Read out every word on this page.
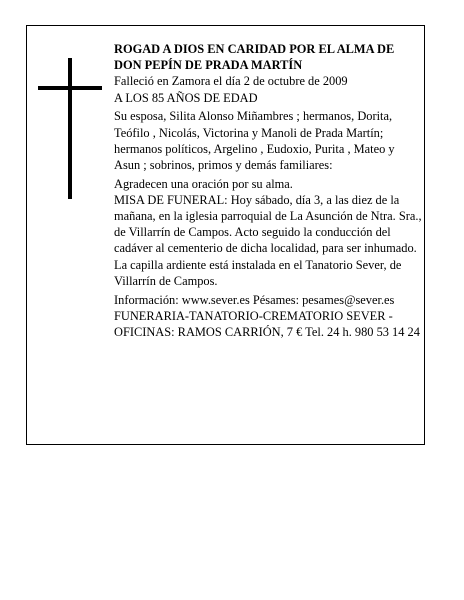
ROGAD A DIOS EN CARIDAD POR EL ALMA DE DON PEPÍN DE PRADA MARTÍN

Falleció en Zamora el día 2 de octubre de 2009

A LOS 85 AÑOS DE EDAD

Su esposa, Silita Alonso Miñambres ; hermanos, Dorita, Teófilo , Nicolás, Victorina y Manoli de Prada Martín; hermanos políticos, Argelino , Eudoxio, Purita , Mateo y Asun ; sobrinos, primos y demás familiares:

Agradecen una oración por su alma.

MISA DE FUNERAL: Hoy sábado, día 3, a las diez de la mañana, en la iglesia parroquial de La Asunción de Ntra. Sra., de Villarrín de Campos. Acto seguido la conducción del cadáver al cementerio de dicha localidad, para ser inhumado.

La capilla ardiente está instalada en el Tanatorio Sever, de Villarrín de Campos.

Información: www.sever.es Pésames: pesames@sever.es

FUNERARIA-TANATORIO-CREMATORIO SEVER - OFICINAS: RAMOS CARRIÓN, 7 € Tel. 24 h. 980 53 14 24
